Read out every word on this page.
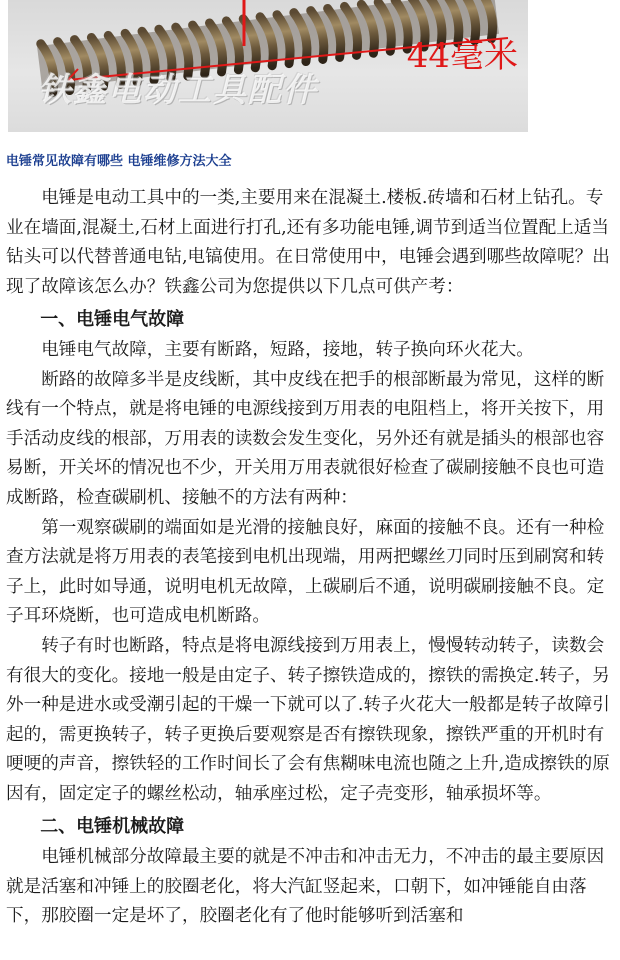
44毫米
铁鑫电动工具配件
电锤常见故障有哪些 电锤维修方法大全

电锤是电动工具中的一类,主要用来在混凝土.楼板.砖墙和石材上钻孔。专业在墙面,混凝土,石材上面进行打孔,还有多功能电锤,调节到适当位置配上适当钻头可以代替普通电钻,电镐使用。在日常使用中，电锤会遇到哪些故障呢？出现了故障该怎么办？铁鑫公司为您提供以下几点可供产考：

一、电锤电气故障

电锤电气故障，主要有断路，短路，接地，转子换向环火花大。

断路的故障多半是皮线断，其中皮线在把手的根部断最为常见，这样的断线有一个特点，就是将电锤的电源线接到万用表的电阻档上，将开关按下，用手活动皮线的根部，万用表的读数会发生变化，另外还有就是插头的根部也容易断，开关坏的情况也不少，开关用万用表就很好检查了碳刷接触不良也可造成断路，检查碳刷机、接触不的方法有两种：

第一观察碳刷的端面如是光滑的接触良好，麻面的接触不良。还有一种检查方法就是将万用表的表笔接到电机出现端，用两把螺丝刀同时压到刷窝和转子上，此时如导通，说明电机无故障，上碳刷后不通，说明碳刷接触不良。定子耳环烧断，也可造成电机断路。

转子有时也断路，特点是将电源线接到万用表上，慢慢转动转子，读数会有很大的变化。接地一般是由定子、转子擦铁造成的，擦铁的需换定.转子，另外一种是进水或受潮引起的干燥一下就可以了.转子火花大一般都是转子故障引起的，需更换转子，转子更换后要观察是否有擦铁现象，擦铁严重的开机时有哽哽的声音，擦铁轻的工作时间长了会有焦糊味电流也随之上升,造成擦铁的原因有，固定定子的螺丝松动，轴承座过松，定子壳变形，轴承损坏等。

二、电锤机械故障

电锤机械部分故障最主要的就是不冲击和冲击无力，不冲击的最主要原因就是活塞和冲锤上的胶圈老化，将大汽缸竖起来，口朝下，如冲锤能自由落下，那胶圈一定是坏了，胶圈老化有了他时能够听到活塞和
